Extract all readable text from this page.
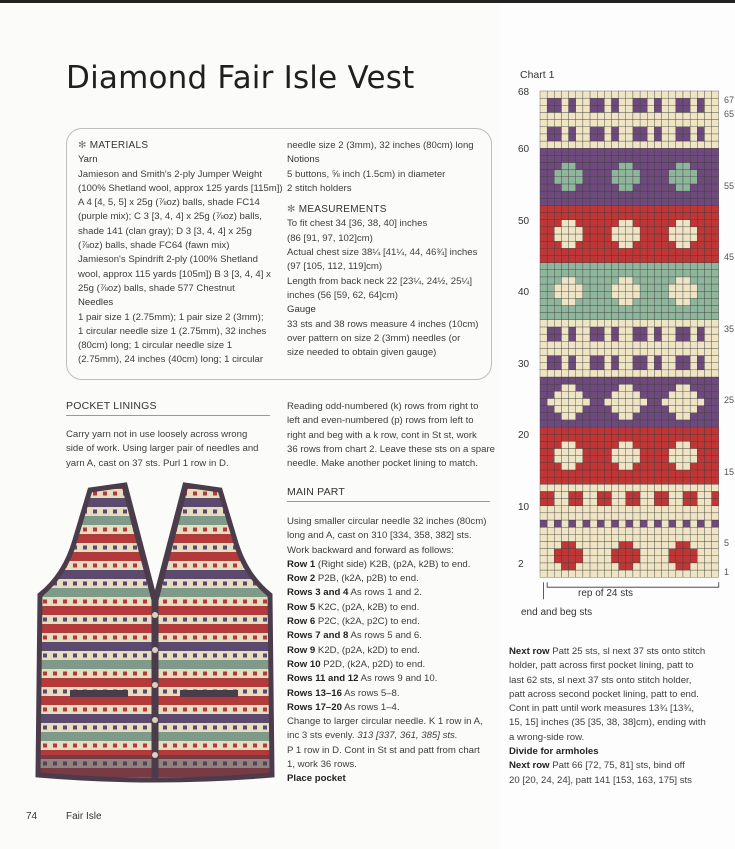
Diamond Fair Isle Vest

✻ MATERIALS

Yarn

Jamieson and Smith's 2-ply Jumper Weight

(100% Shetland wool, approx 125 yards [115m])

A 4 [4, 5, 5] x 25g (⅞oz) balls, shade FC14

(purple mix); C 3 [3, 4, 4] x 25g (⅞oz) balls,

shade 141 (clan gray); D 3 [3, 4, 4] x 25g

(⅞oz) balls, shade FC64 (fawn mix)

Jamieson's Spindrift 2-ply (100% Shetland

wool, approx 115 yards [105m]) B 3 [3, 4, 4] x

25g (⅞oz) balls, shade 577 Chestnut

Needles

1 pair size 1 (2.75mm); 1 pair size 2 (3mm);

1 circular needle size 1 (2.75mm), 32 inches

(80cm) long; 1 circular needle size 1

(2.75mm), 24 inches (40cm) long; 1 circular

needle size 2 (3mm), 32 inches (80cm) long

Notions

5 buttons, ⅝ inch (1.5cm) in diameter

2 stitch holders

✻ MEASUREMENTS

To fit chest 34 [36, 38, 40] inches

(86 [91, 97, 102]cm)

Actual chest size 38¼ [41¼, 44, 46¾] inches

(97 [105, 112, 119]cm)

Length from back neck 22 [23¼, 24½, 25¼]

inches (56 [59, 62, 64]cm)

Gauge

33 sts and 38 rows measure 4 inches (10cm)

over pattern on size 2 (3mm) needles (or

size needed to obtain given gauge)

POCKET LININGS

Carry yarn not in use loosely across wrong

side of work. Using larger pair of needles and

yarn A, cast on 37 sts. Purl 1 row in D.

Reading odd-numbered (k) rows from right to

left and even-numbered (p) rows from left to

right and beg with a k row, cont in St st, work

36 rows from chart 2. Leave these sts on a spare

needle. Make another pocket lining to match.

MAIN PART

Using smaller circular needle 32 inches (80cm)

long and A, cast on 310 [334, 358, 382] sts.

Work backward and forward as follows:

Row 1 (Right side) K2B, (p2A, k2B) to end.

Row 2 P2B, (k2A, p2B) to end.

Rows 3 and 4 As rows 1 and 2.

Row 5 K2C, (p2A, k2B) to end.

Row 6 P2C, (k2A, p2C) to end.

Rows 7 and 8 As rows 5 and 6.

Row 9 K2D, (p2A, k2D) to end.

Row 10 P2D, (k2A, p2D) to end.

Rows 11 and 12 As rows 9 and 10.

Rows 13–16 As rows 5–8.

Rows 17–20 As rows 1–4.

Change to larger circular needle. K 1 row in A,

inc 3 sts evenly. 313 [337, 361, 385] sts.

P 1 row in D. Cont in St st and patt from chart

1, work 36 rows.

Place pocket

Chart 1
68
60
50
40
30
20
10
2
67
65
55
45
35
25
15
5
1
rep of 24 sts
end and beg sts

Next row Patt 25 sts, sl next 37 sts onto stitch

holder, patt across first pocket lining, patt to

last 62 sts, sl next 37 sts onto stitch holder,

patt across second pocket lining, patt to end.

Cont in patt until work measures 13¾ [13¾,

15, 15] inches (35 [35, 38, 38]cm), ending with

a wrong-side row.

Divide for armholes

Next row Patt 66 [72, 75, 81] sts, bind off

20 [20, 24, 24], patt 141 [153, 163, 175] sts

74	Fair Isle
